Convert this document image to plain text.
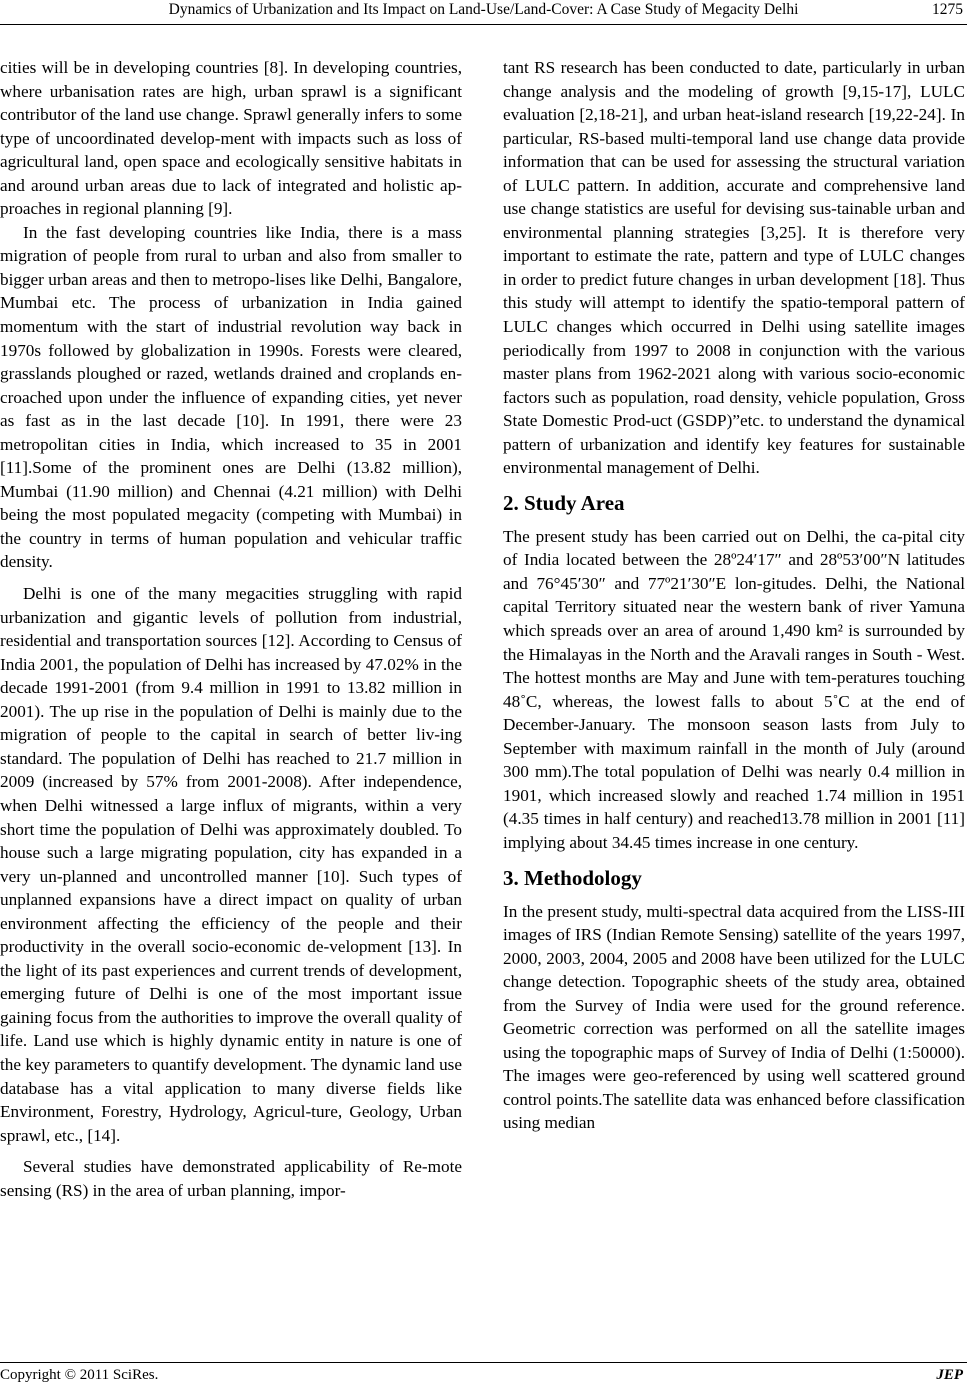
Dynamics of Urbanization and Its Impact on Land-Use/Land-Cover: A Case Study of Megacity Delhi	1275

cities will be in developing countries [8]. In developing countries, where urbanisation rates are high, urban sprawl is a significant contributor of the land use change. Sprawl generally infers to some type of uncoordinated develop-ment with impacts such as loss of agricultural land, open space and ecologically sensitive habitats in and around urban areas due to lack of integrated and holistic ap-proaches in regional planning [9].

In the fast developing countries like India, there is a mass migration of people from rural to urban and also from smaller to bigger urban areas and then to metropo-lises like Delhi, Bangalore, Mumbai etc. The process of urbanization in India gained momentum with the start of industrial revolution way back in 1970s followed by globalization in 1990s. Forests were cleared, grasslands ploughed or razed, wetlands drained and croplands en-croached upon under the influence of expanding cities, yet never as fast as in the last decade [10]. In 1991, there were 23 metropolitan cities in India, which increased to 35 in 2001 [11].Some of the prominent ones are Delhi (13.82 million), Mumbai (11.90 million) and Chennai (4.21 million) with Delhi being the most populated megacity (competing with Mumbai) in the country in terms of human population and vehicular traffic density.

Delhi is one of the many megacities struggling with rapid urbanization and gigantic levels of pollution from industrial, residential and transportation sources [12]. According to Census of India 2001, the population of Delhi has increased by 47.02% in the decade 1991-2001 (from 9.4 million in 1991 to 13.82 million in 2001). The up rise in the population of Delhi is mainly due to the migration of people to the capital in search of better liv-ing standard. The population of Delhi has reached to 21.7 million in 2009 (increased by 57% from 2001-2008). After independence, when Delhi witnessed a large influx of migrants, within a very short time the population of Delhi was approximately doubled. To house such a large migrating population, city has expanded in a very un-planned and uncontrolled manner [10]. Such types of unplanned expansions have a direct impact on quality of urban environment affecting the efficiency of the people and their productivity in the overall socio-economic de-velopment [13]. In the light of its past experiences and current trends of development, emerging future of Delhi is one of the most important issue gaining focus from the authorities to improve the overall quality of life. Land use which is highly dynamic entity in nature is one of the key parameters to quantify development. The dynamic land use database has a vital application to many diverse fields like Environment, Forestry, Hydrology, Agricul-ture, Geology, Urban sprawl, etc., [14].

Several studies have demonstrated applicability of Re-mote sensing (RS) in the area of urban planning, impor-

tant RS research has been conducted to date, particularly in urban change analysis and the modeling of growth [9,15-17], LULC evaluation [2,18-21], and urban heat-island research [19,22-24]. In particular, RS-based multi-temporal land use change data provide information that can be used for assessing the structural variation of LULC pattern. In addition, accurate and comprehensive land use change statistics are useful for devising sus-tainable urban and environmental planning strategies [3,25]. It is therefore very important to estimate the rate, pattern and type of LULC changes in order to predict future changes in urban development [18]. Thus this study will attempt to identify the spatio-temporal pattern of LULC changes which occurred in Delhi using satellite images periodically from 1997 to 2008 in conjunction with the various master plans from 1962-2021 along with various socio-economic factors such as population, road density, vehicle population, Gross State Domestic Prod-uct (GSDP)”etc. to understand the dynamical pattern of urbanization and identify key features for sustainable environmental management of Delhi.

2. Study Area

The present study has been carried out on Delhi, the ca-pital city of India located between the 28º24′17″ and 28º53′00″N latitudes and 76°45′30″ and 77º21′30″E lon-gitudes. Delhi, the National capital Territory situated near the western bank of river Yamuna which spreads over an area of around 1,490 km² is surrounded by the Himalayas in the North and the Aravali ranges in South - West. The hottest months are May and June with tem-peratures touching 48˚C, whereas, the lowest falls to about 5˚C at the end of December-January. The monsoon season lasts from July to September with maximum rainfall in the month of July (around 300 mm).The total population of Delhi was nearly 0.4 million in 1901, which increased slowly and reached 1.74 million in 1951 (4.35 times in half century) and reached13.78 million in 2001 [11] implying about 34.45 times increase in one century.

3. Methodology

In the present study, multi-spectral data acquired from the LISS-III images of IRS (Indian Remote Sensing) satellite of the years 1997, 2000, 2003, 2004, 2005 and 2008 have been utilized for the LULC change detection. Topographic sheets of the study area, obtained from the Survey of India were used for the ground reference. Geometric correction was performed on all the satellite images using the topographic maps of Survey of India of Delhi (1:50000). The images were geo-referenced by using well scattered ground control points.The satellite data was enhanced before classification using median

Copyright © 2011 SciRes.	JEP
